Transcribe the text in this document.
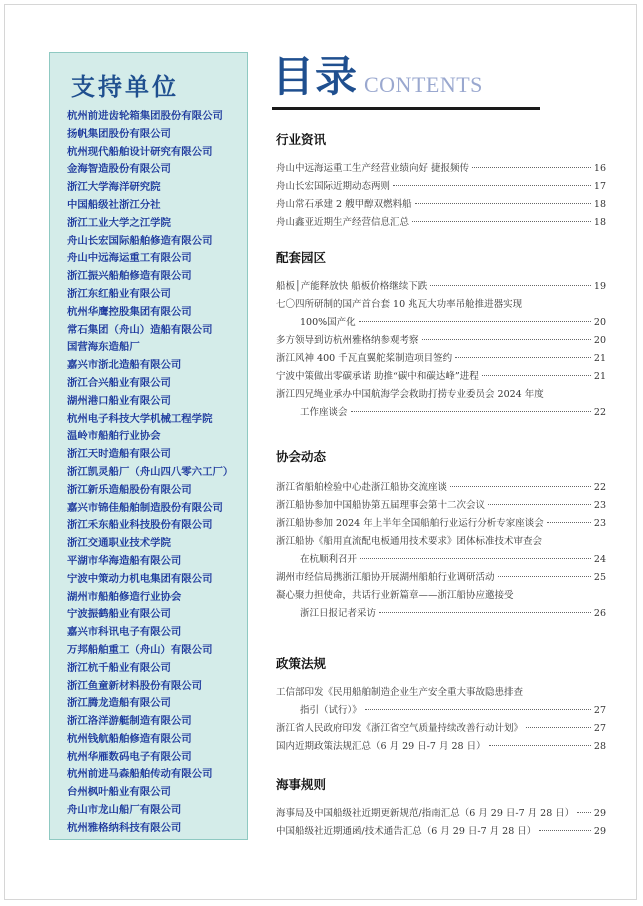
支持单位
杭州前进齿轮箱集团股份有限公司
扬帆集团股份有限公司
杭州现代船舶设计研究有限公司
金海智造股份有限公司
浙江大学海洋研究院
中国船级社浙江分社
浙江工业大学之江学院
舟山长宏国际船舶修造有限公司
舟山中远海运重工有限公司
浙江振兴船舶修造有限公司
浙江东红船业有限公司
杭州华鹰控股集团有限公司
常石集团（舟山）造船有限公司
国营海东造船厂
嘉兴市浙北造船有限公司
浙江合兴船业有限公司
湖州港口船业有限公司
杭州电子科技大学机械工程学院
温岭市船舶行业协会
浙江天时造船有限公司
浙江凯灵船厂（舟山四八零六工厂）
浙江新乐造船股份有限公司
嘉兴市锦佳船舶制造股份有限公司
浙江禾东船业科技股份有限公司
浙江交通职业技术学院
平湖市华海造船有限公司
宁波中策动力机电集团有限公司
湖州市船舶修造行业协会
宁波振鹤船业有限公司
嘉兴市科讯电子有限公司
万邦船舶重工（舟山）有限公司
浙江杭千船业有限公司
浙江鱼童新材料股份有限公司
浙江腾龙造船有限公司
浙江洛洋游艇制造有限公司
杭州钱航船舶修造有限公司
杭州华雁数码电子有限公司
杭州前进马森船舶传动有限公司
台州枫叶船业有限公司
舟山市龙山船厂有限公司
杭州雅格纳科技有限公司
目录 CONTENTS
行业资讯
舟山中远海运重工生产经营业绩向好 捷报频传	16
舟山长宏国际近期动态两则	17
舟山常石承建 2 艘甲醇双燃料船	18
舟山鑫亚近期生产经营信息汇总	18
配套园区
船板│产能释放快 船板价格继续下跌	19
七〇四所研制的国产首台套 10 兆瓦大功率吊舱推进器实现
100%国产化	20
多方领导到访杭州雅格纳参观考察	20
浙江风神 400 千瓦直翼舵桨制造项目签约	21
宁波中策做出零碳承诺 助推“碳中和碳达峰”进程	21
浙江四兄绳业承办中国航海学会救助打捞专业委员会 2024 年度
工作座谈会	22
协会动态
浙江省船舶检验中心赴浙江船协交流座谈	22
浙江船协参加中国船协第五届理事会第十二次会议	23
浙江船协参加 2024 年上半年全国船舶行业运行分析专家座谈会	23
浙江船协《船用直流配电板通用技术要求》团体标准技术审查会
在杭顺利召开	24
湖州市经信局携浙江船协开展湖州船舶行业调研活动	25
凝心聚力担使命，共话行业新篇章——浙江船协应邀接受
浙江日报记者采访	26
政策法规
工信部印发《民用船舶制造企业生产安全重大事故隐患排查
指引（试行）》	27
浙江省人民政府印发《浙江省空气质量持续改善行动计划》	27
国内近期政策法规汇总（6 月 29 日-7 月 28 日）	28
海事规则
海事局及中国船级社近期更新规范/指南汇总（6 月 29 日-7 月 28 日） 29
中国船级社近期通函/技术通告汇总（6 月 29 日-7 月 28 日）	29
